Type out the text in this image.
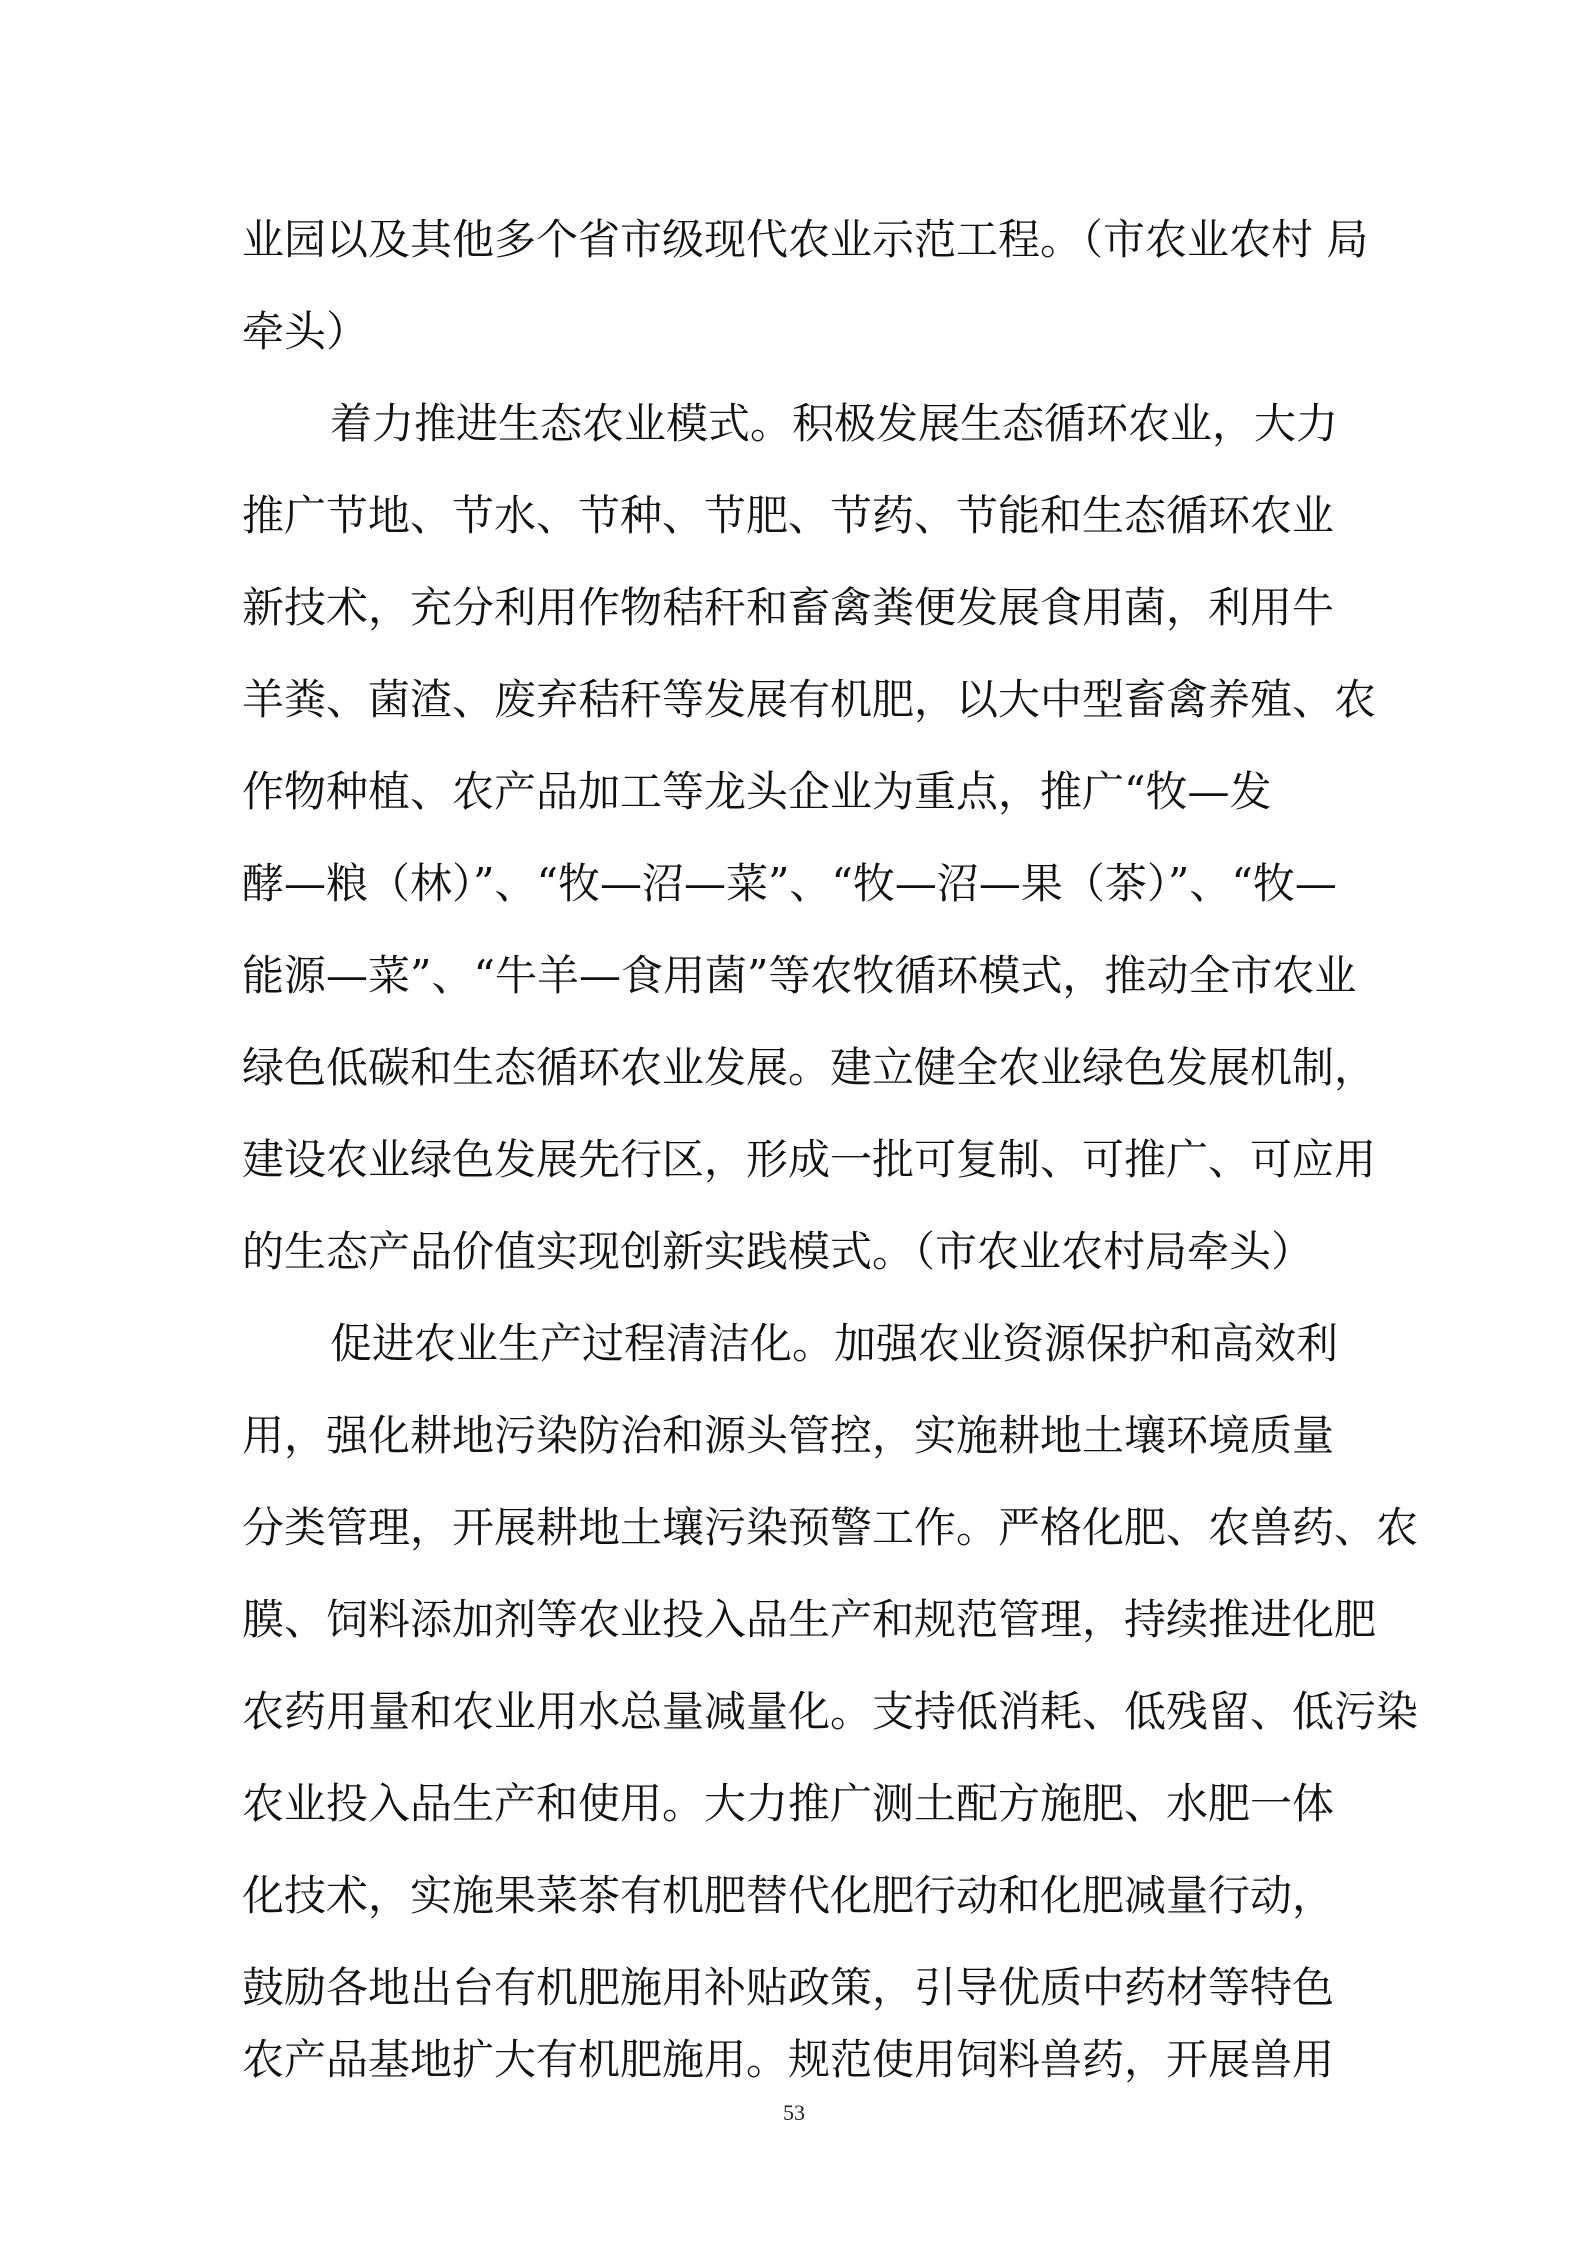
业园以及其他多个省市级现代农业示范工程。（市农业农村 局
牵头）
着力推进生态农业模式。积极发展生态循环农业，大力
推广节地、节水、节种、节肥、节药、节能和生态循环农业
新技术，充分利用作物秸秆和畜禽粪便发展食用菌，利用牛
羊粪、菌渣、废弃秸秆等发展有机肥，以大中型畜禽养殖、农
作物种植、农产品加工等龙头企业为重点，推广“牧—发
酵—粮（林）”、“牧—沼—菜”、“牧—沼—果（茶）”、“牧—
能源—菜”、“牛羊—食用菌”等农牧循环模式，推动全市农业
绿色低碳和生态循环农业发展。建立健全农业绿色发展机制，
建设农业绿色发展先行区，形成一批可复制、可推广、可应用
的生态产品价值实现创新实践模式。（市农业农村局牵头）
促进农业生产过程清洁化。加强农业资源保护和高效利
用，强化耕地污染防治和源头管控，实施耕地土壤环境质量
分类管理，开展耕地土壤污染预警工作。严格化肥、农兽药、农
膜、饲料添加剂等农业投入品生产和规范管理，持续推进化肥
农药用量和农业用水总量减量化。支持低消耗、低残留、低污染
农业投入品生产和使用。大力推广测土配方施肥、水肥一体
化技术，实施果菜茶有机肥替代化肥行动和化肥减量行动，
鼓励各地出台有机肥施用补贴政策，引导优质中药材等特色
农产品基地扩大有机肥施用。规范使用饲料兽药，开展兽用
53
